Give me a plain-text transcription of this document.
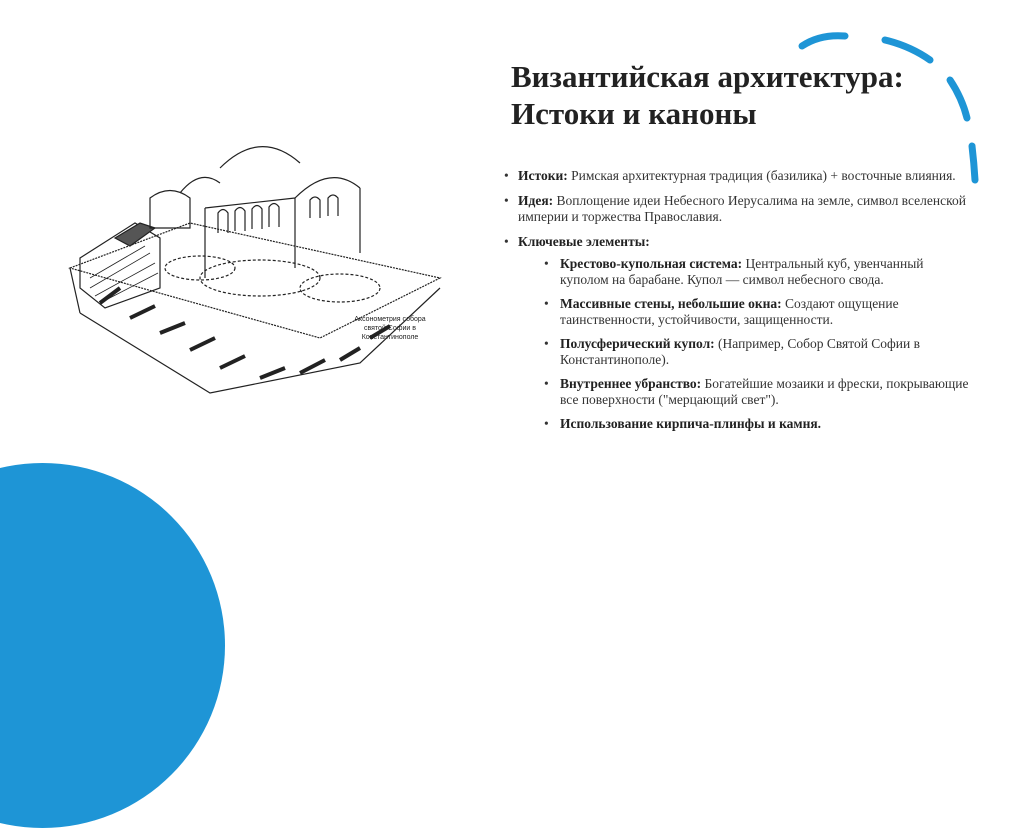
Аксонометрия собора
святой Софии в
Константинополе
Византийская архитектура:
Истоки и каноны
• Истоки: Римская архитектурная традиция (базилика) + восточные влияния.
• Идея: Воплощение идеи Небесного Иерусалима на земле, символ вселенской империи и торжества Православия.
• Ключевые элементы:
• Крестово-купольная система: Центральный куб, увенчанный куполом на барабане. Купол — символ небесного свода.
• Массивные стены, небольшие окна: Создают ощущение таинственности, устойчивости, защищенности.
• Полусферический купол: (Например, Собор Святой Софии в Константинополе).
• Внутреннее убранство: Богатейшие мозаики и фрески, покрывающие все поверхности ("мерцающий свет").
• Использование кирпича-плинфы и камня.
